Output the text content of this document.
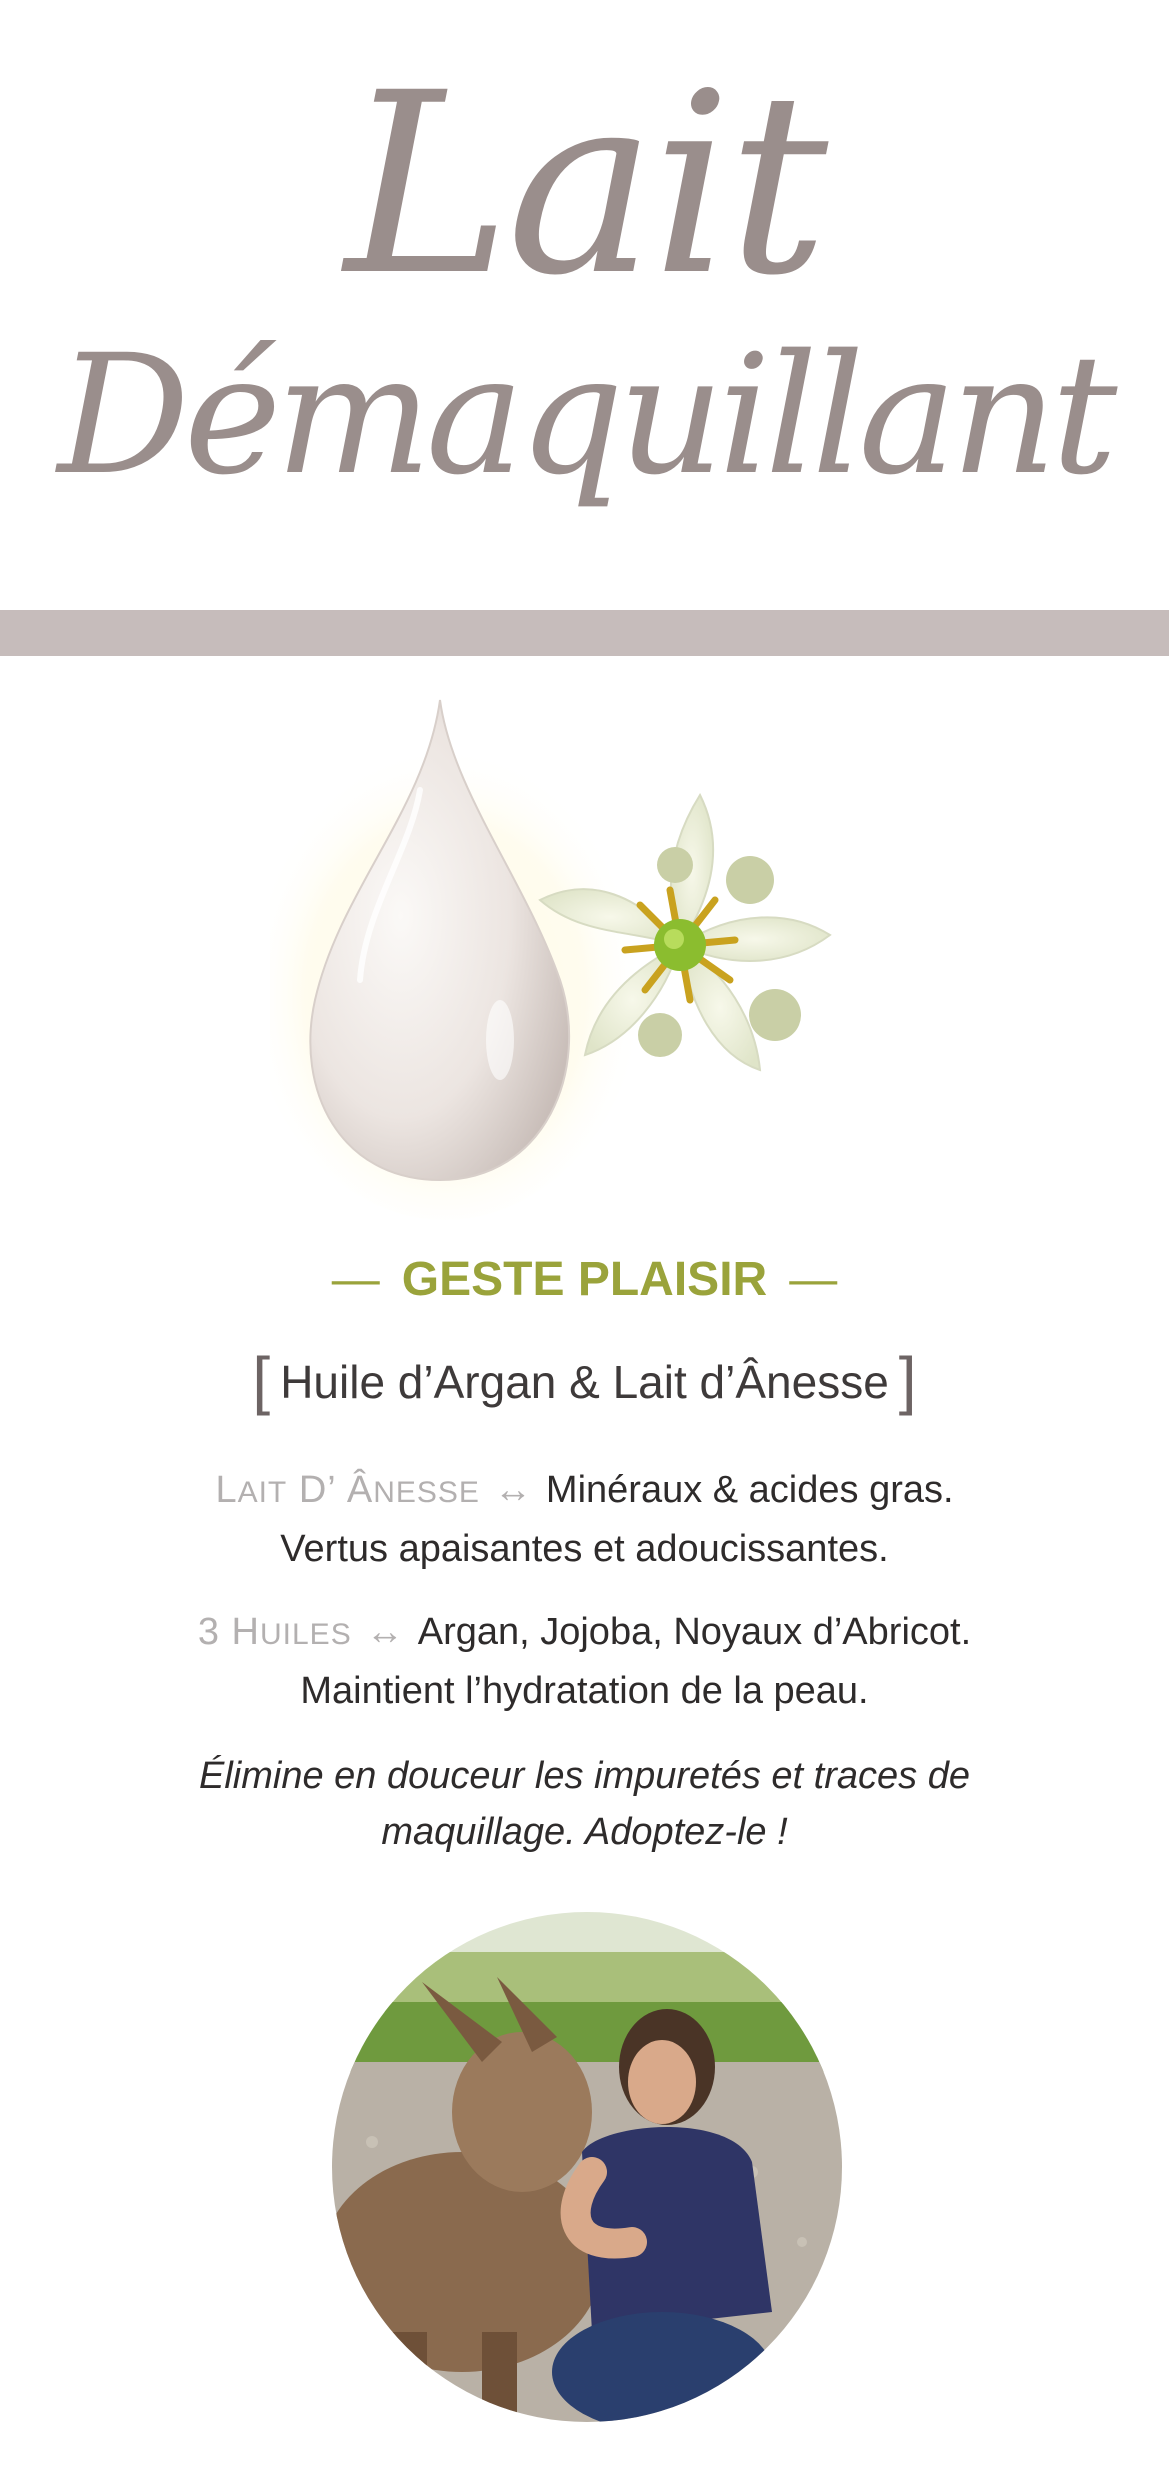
Lait
Démaquillant
— GESTE PLAISIR —
[ Huile d’Argan & Lait d’Ânesse ]
LAIT D’ ÂNESSE ↔ Minéraux & acides gras.
Vertus apaisantes et adoucissantes.
3 HUILES ↔ Argan, Jojoba, Noyaux d’Abricot.
Maintient l’hydratation de la peau.
Élimine en douceur les impuretés et traces de
maquillage. Adoptez-le !
